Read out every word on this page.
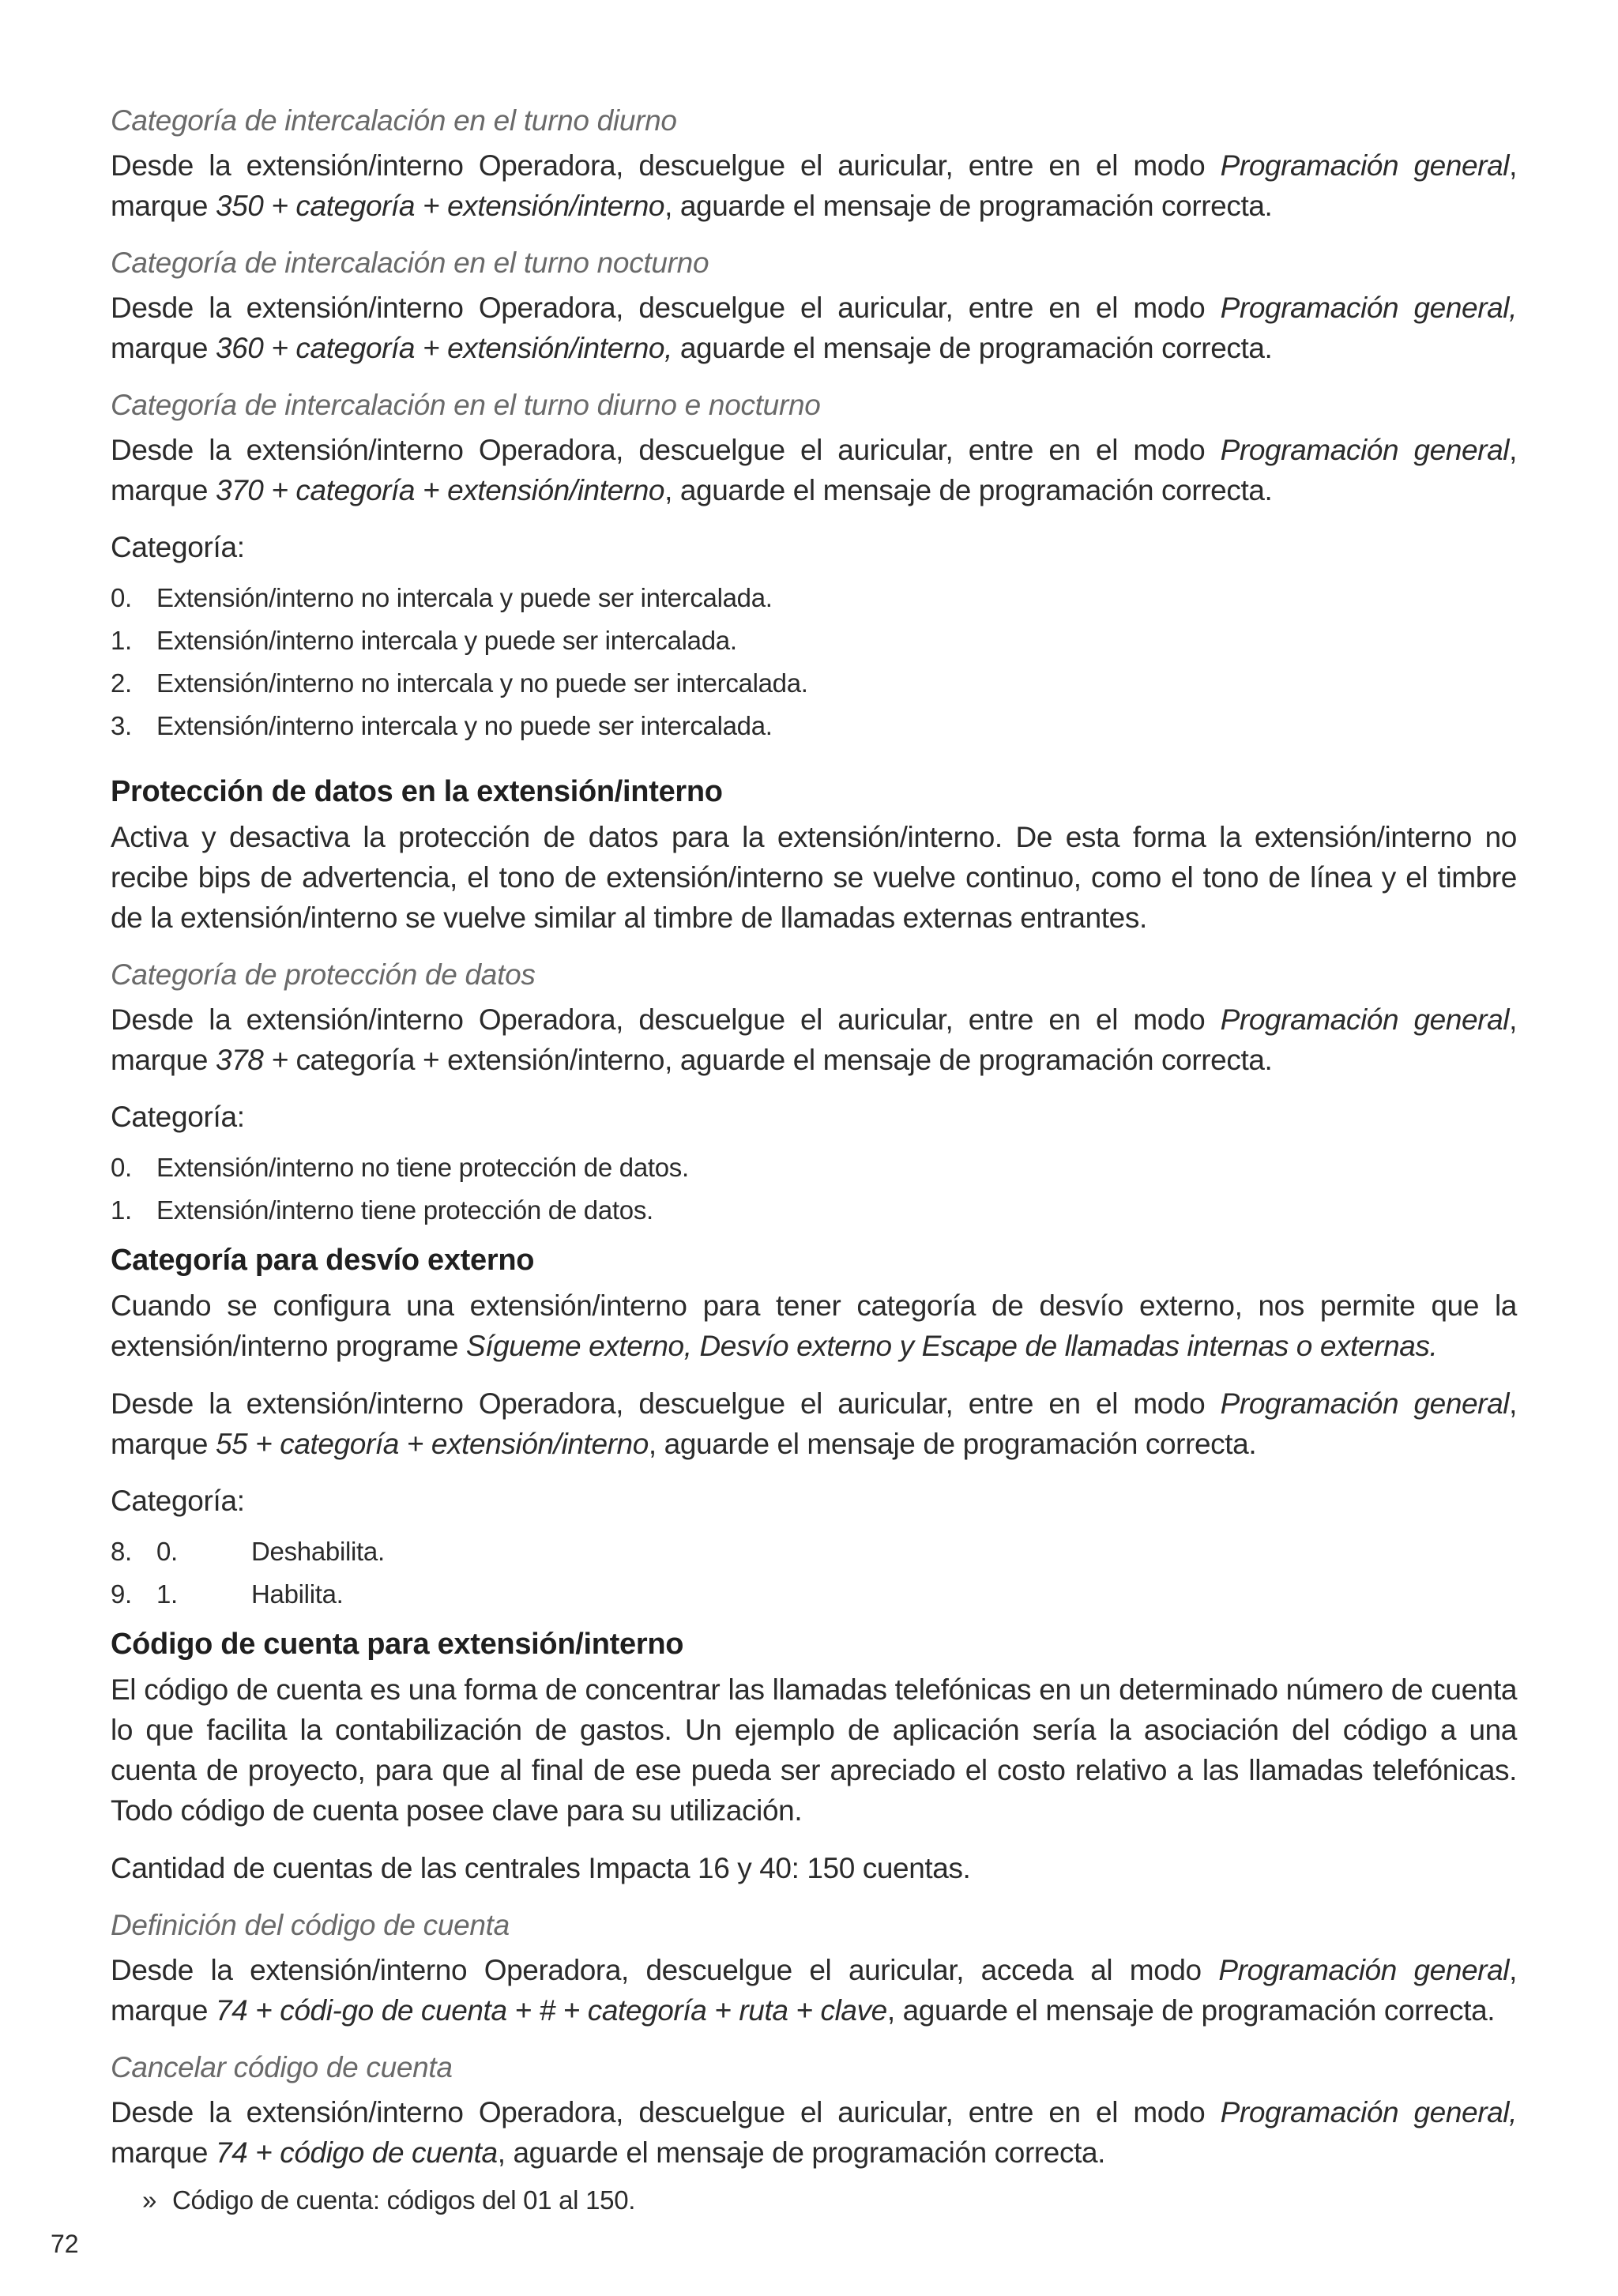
Categoría de intercalación en el turno diurno

Desde la extensión/interno Operadora, descuelgue el auricular, entre en el modo Programación general, marque 350 + categoría + extensión/interno, aguarde el mensaje de programación correcta.

Categoría de intercalación en el turno nocturno

Desde la extensión/interno Operadora, descuelgue el auricular, entre en el modo Programación general, marque 360 + categoría + extensión/interno, aguarde el mensaje de programación correcta.

Categoría de intercalación en el turno diurno e nocturno

Desde la extensión/interno Operadora, descuelgue el auricular, entre en el modo Programación general, marque 370 + categoría + extensión/interno, aguarde el mensaje de programación correcta.

Categoría:
0. Extensión/interno no intercala y puede ser intercalada.
1. Extensión/interno intercala y puede ser intercalada.
2. Extensión/interno no intercala y no puede ser intercalada.
3. Extensión/interno intercala y no puede ser intercalada.
Protección de datos en la extensión/interno

Activa y desactiva la protección de datos para la extensión/interno. De esta forma la extensión/interno no recibe bips de advertencia, el tono de extensión/interno se vuelve continuo, como el tono de línea y el timbre de la extensión/interno se vuelve similar al timbre de llamadas externas entrantes.

Categoría de protección de datos

Desde la extensión/interno Operadora, descuelgue el auricular, entre en el modo Programación general, marque 378 + categoría + extensión/interno, aguarde el mensaje de programación correcta.

Categoría:
0. Extensión/interno no tiene protección de datos.
1. Extensión/interno tiene protección de datos.
Categoría para desvío externo

Cuando se configura una extensión/interno para tener categoría de desvío externo, nos permite que la extensión/interno programe Sígueme externo, Desvío externo y Escape de llamadas internas o externas.

Desde la extensión/interno Operadora, descuelgue el auricular, entre en el modo Programación general, marque 55 + categoría + extensión/interno, aguarde el mensaje de programación correcta.

Categoría:
8. 0.	Deshabilita.
9. 1.	Habilita.
Código de cuenta para extensión/interno

El código de cuenta es una forma de concentrar las llamadas telefónicas en un determinado número de cuenta lo que facilita la contabilización de gastos. Un ejemplo de aplicación sería la asociación del código a una cuenta de proyecto, para que al final de ese pueda ser apreciado el costo relativo a las llamadas telefónicas. Todo código de cuenta posee clave para su utilización.

Cantidad de cuentas de las centrales Impacta 16 y 40: 150 cuentas.

Definición del código de cuenta

Desde la extensión/interno Operadora, descuelgue el auricular, acceda al modo Programación general, marque 74 + códi-go de cuenta + # + categoría + ruta + clave, aguarde el mensaje de programación correcta.

Cancelar código de cuenta

Desde la extensión/interno Operadora, descuelgue el auricular, entre en el modo Programación general, marque 74 + código de cuenta, aguarde el mensaje de programación correcta.

» Código de cuenta: códigos del 01 al 150.
72
